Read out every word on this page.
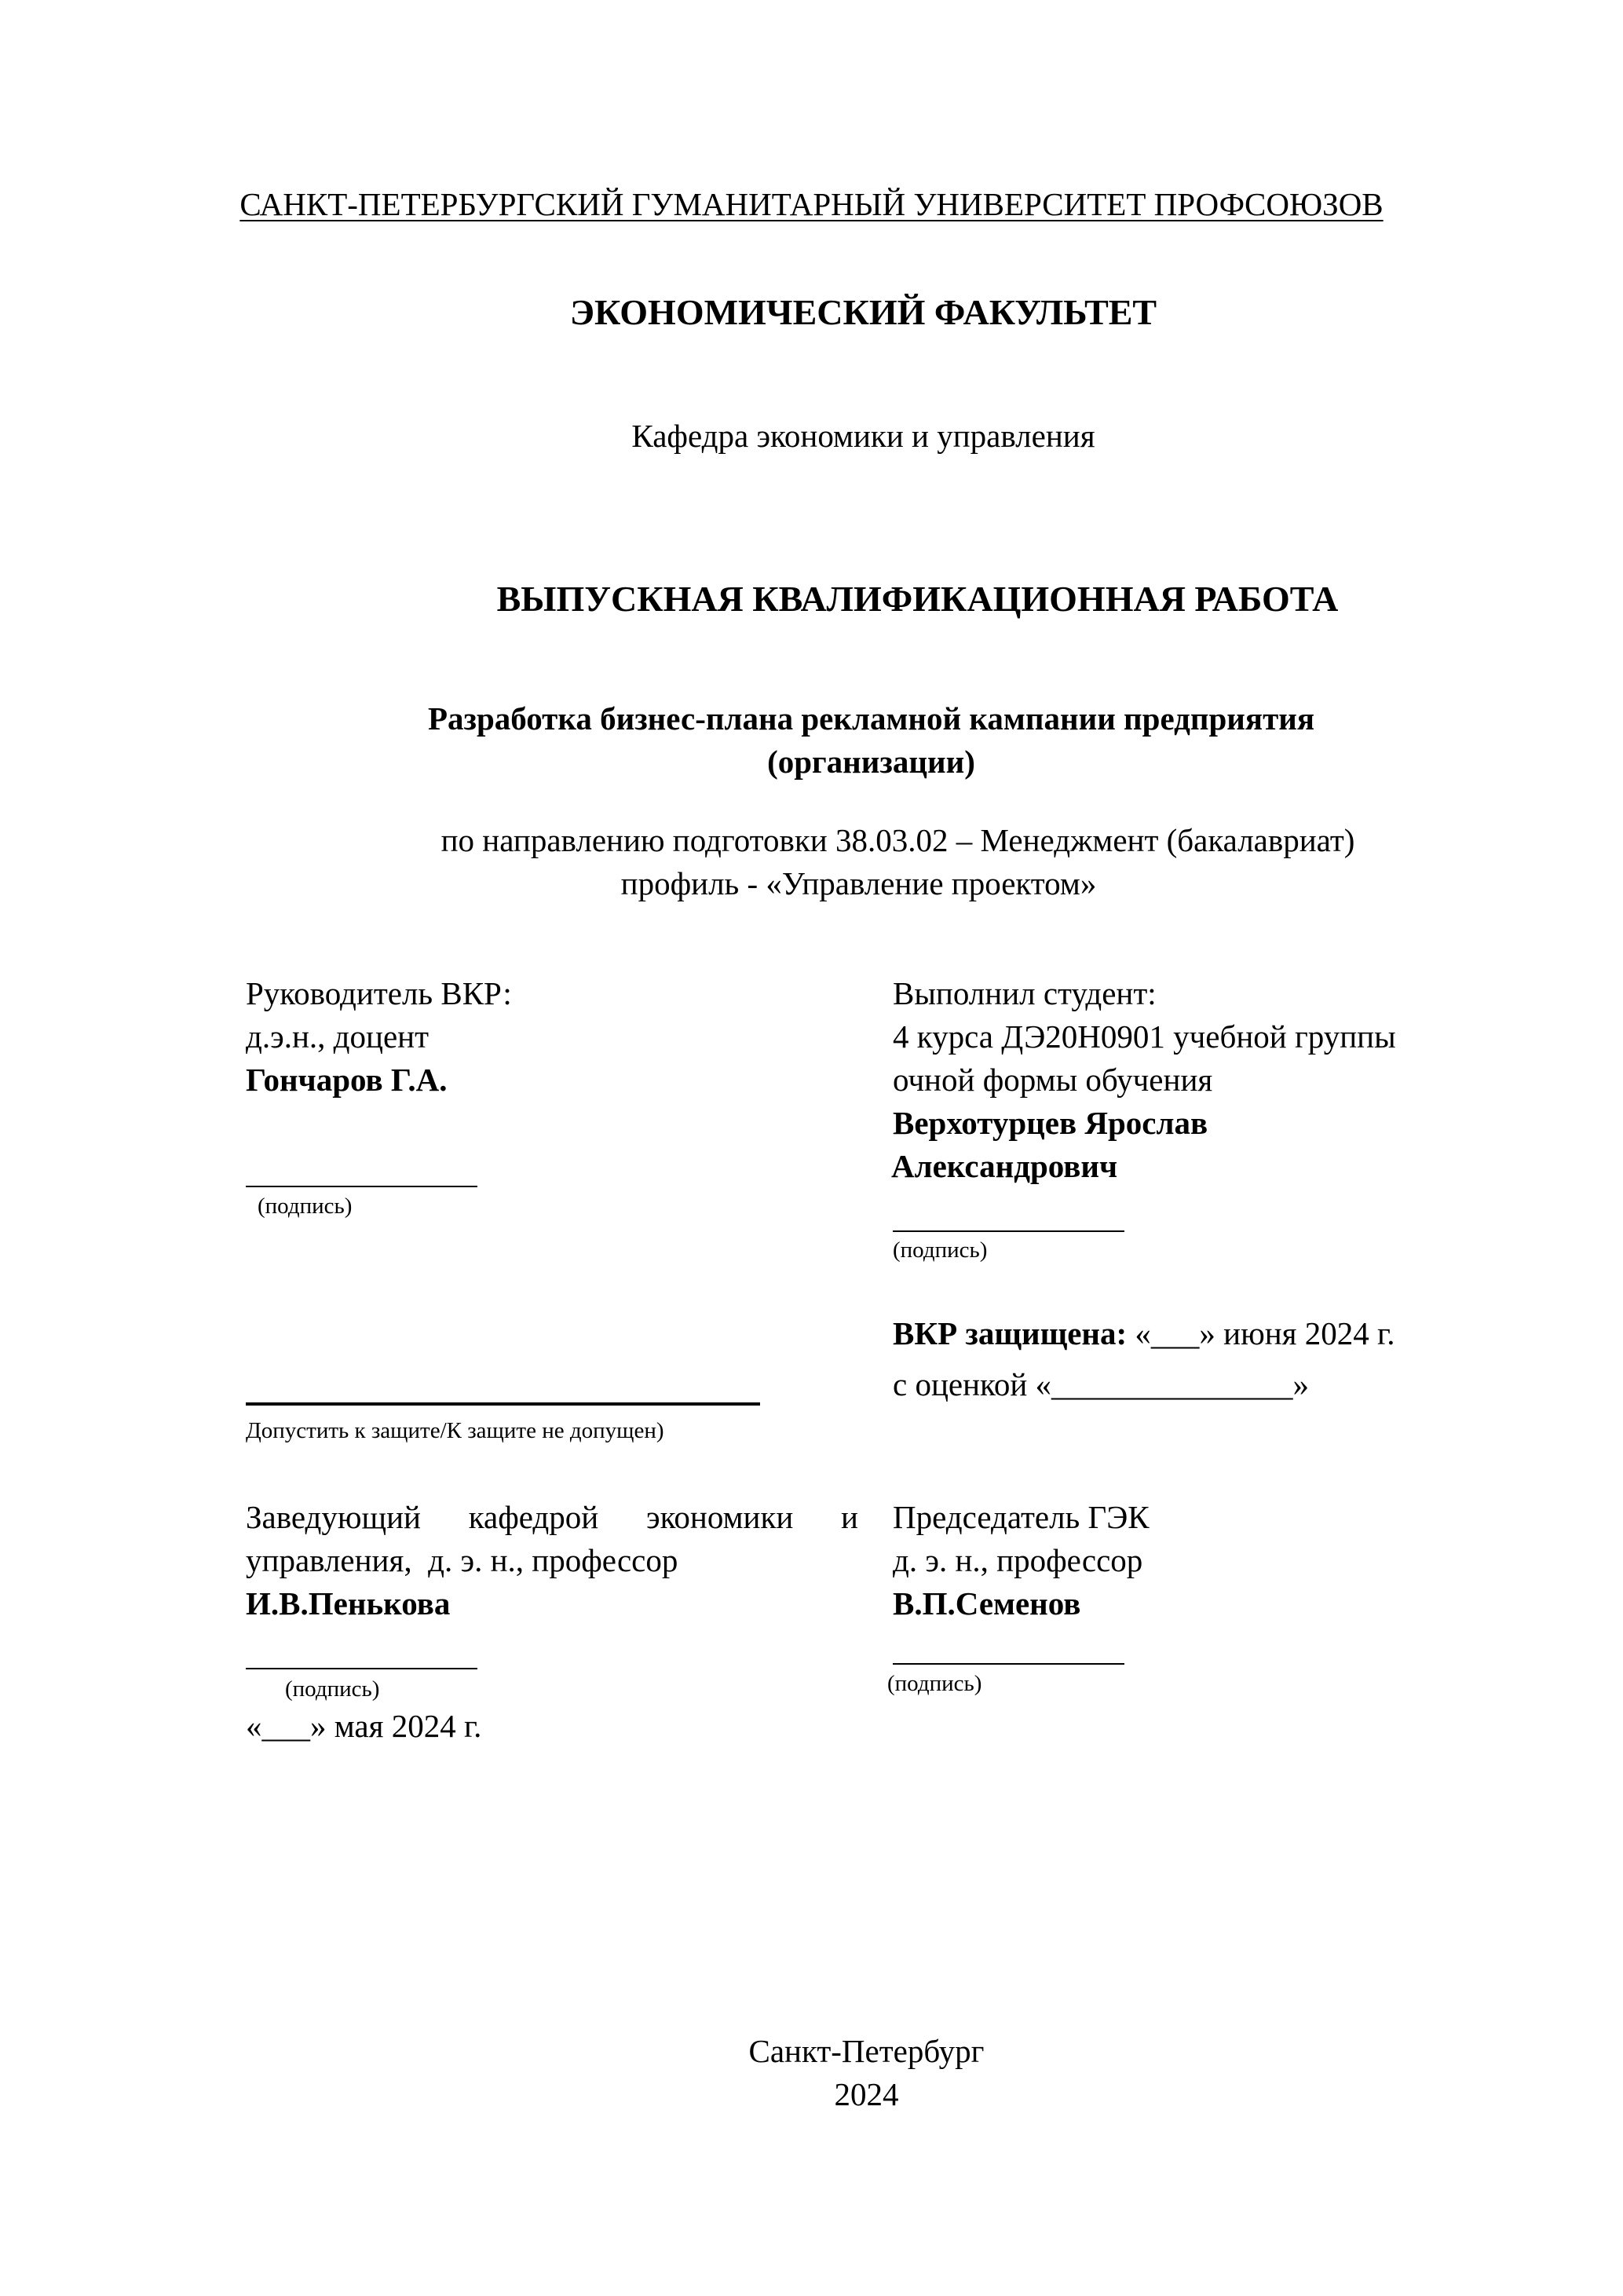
САНКТ-ПЕТЕРБУРГСКИЙ ГУМАНИТАРНЫЙ УНИВЕРСИТЕТ ПРОФСОЮЗОВ
ЭКОНОМИЧЕСКИЙ ФАКУЛЬТЕТ
Кафедра экономики и управления
ВЫПУСКНАЯ КВАЛИФИКАЦИОННАЯ РАБОТА
Разработка бизнес-плана рекламной кампании предприятия
(организации)
по направлению подготовки 38.03.02 – Менеджмент (бакалавриат)
профиль - «Управление проектом»
Руководитель ВКР:
д.э.н., доцент
Гончаров Г.А.
(подпись)
Выполнил студент:
4 курса ДЭ20Н0901 учебной группы
очной формы обучения
Верхотурцев Ярослав
Александрович
(подпись)
Допустить к защите/К защите не допущен)
ВКР защищена: «___» июня 2024 г.
с оценкой «_______________»
Заведующий кафедрой экономики и
управления,  д. э. н., профессор
И.В.Пенькова
(подпись)
«___» мая 2024 г.
Председатель ГЭК
д. э. н., профессор
В.П.Семенов
(подпись)
Санкт-Петербург
2024
